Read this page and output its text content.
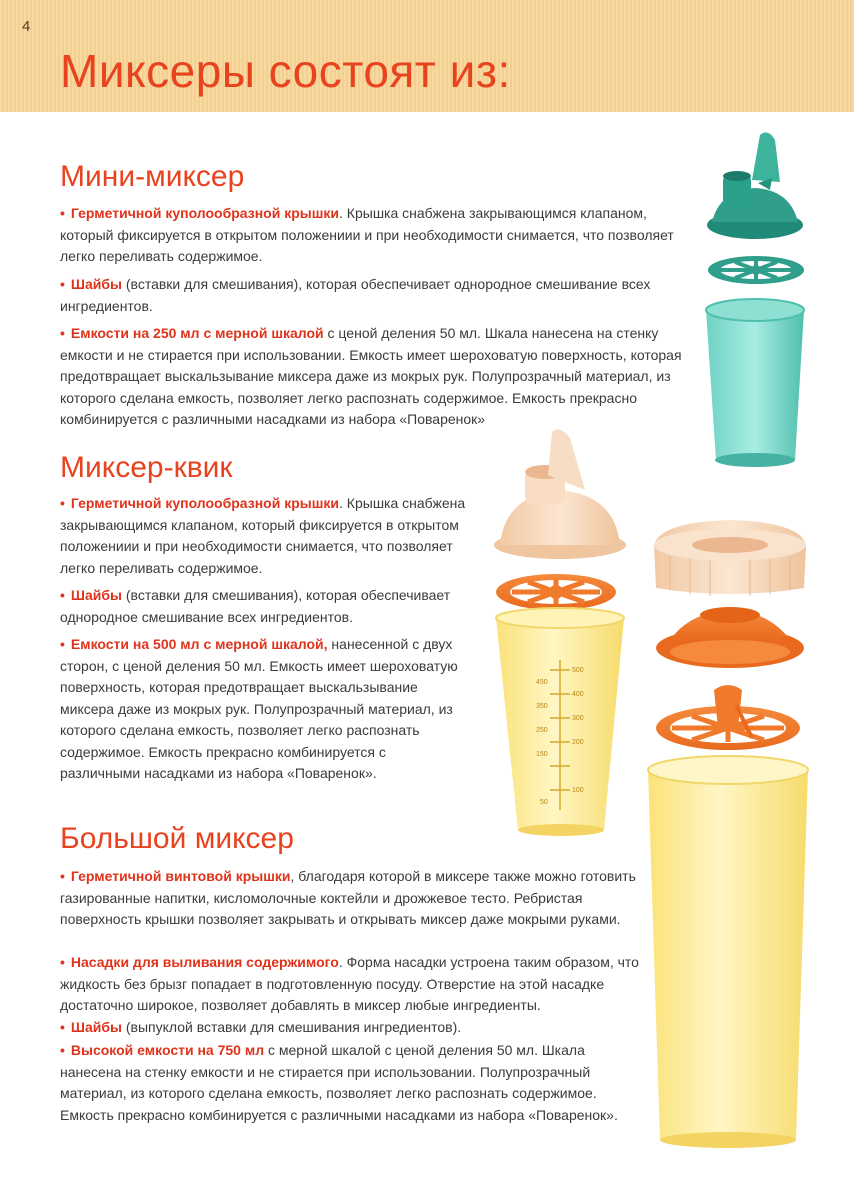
4
Миксеры состоят из:
Мини-миксер
• Герметичной куполообразной крышки. Крышка снабжена закрывающимся клапаном, который фиксируется в открытом положениии и при необходимости снимается, что позволяет легко переливать содержимое.
• Шайбы (вставки для смешивания), которая обеспечивает однородное смешивание всех ингредиентов.
• Емкости на 250 мл с мерной шкалой с ценой деления 50 мл. Шкала нанесена на стенку емкости и не стирается при использовании. Емкость имеет шероховатую поверхность, которая предотвращает выскальзывание миксера даже из мокрых рук. Полупрозрачный материал, из которого сделана емкость, позволяет легко распознать содержимое. Емкость прекрасно комбинируется с различными насадками из набора «Поваренок»
Миксер-квик
• Герметичной куполообразной крышки. Крышка снабжена закрывающимся клапаном, который фиксируется в открытом положениии и при необходимости снимается, что позволяет легко переливать содержимое.
• Шайбы (вставки для смешивания), которая обеспечивает однородное смешивание всех ингредиентов.
• Емкости на 500 мл с мерной шкалой, нанесенной с двух сторон, с ценой деления 50 мл. Емкость имеет шероховатую поверхность, которая предотвращает выскальзывание миксера даже из мокрых рук. Полупрозрачный материал, из которого сделана емкость, позволяет легко распознать содержимое. Емкость прекрасно комбинируется с различными насадками из набора «Поваренок».
Большой миксер
• Герметичной винтовой крышки, благодаря которой в миксере также можно готовить газированные напитки, кисломолочные коктейли и дрожжевое тесто. Ребристая поверхность крышки позволяет закрывать и открывать миксер даже мокрыми руками.
• Насадки для выливания содержимого. Форма насадки устроена таким образом, что жидкость без брызг попадает в подготовленную посуду. Отверстие на этой насадке достаточно широкое, позволяет добавлять в миксер любые ингредиенты.
• Шайбы (выпуклой вставки для смешивания ингредиентов).
• Высокой емкости на 750 мл с мерной шкалой с ценой деления 50 мл. Шкала нанесена на стенку емкости и не стирается при использовании. Полупрозрачный материал, из которого сделана емкость, позволяет легко распознать содержимое. Емкость прекрасно комбинируется с различными насадками из набора «Поваренок».
450
350
250
150
50
500
400
300
200
100
